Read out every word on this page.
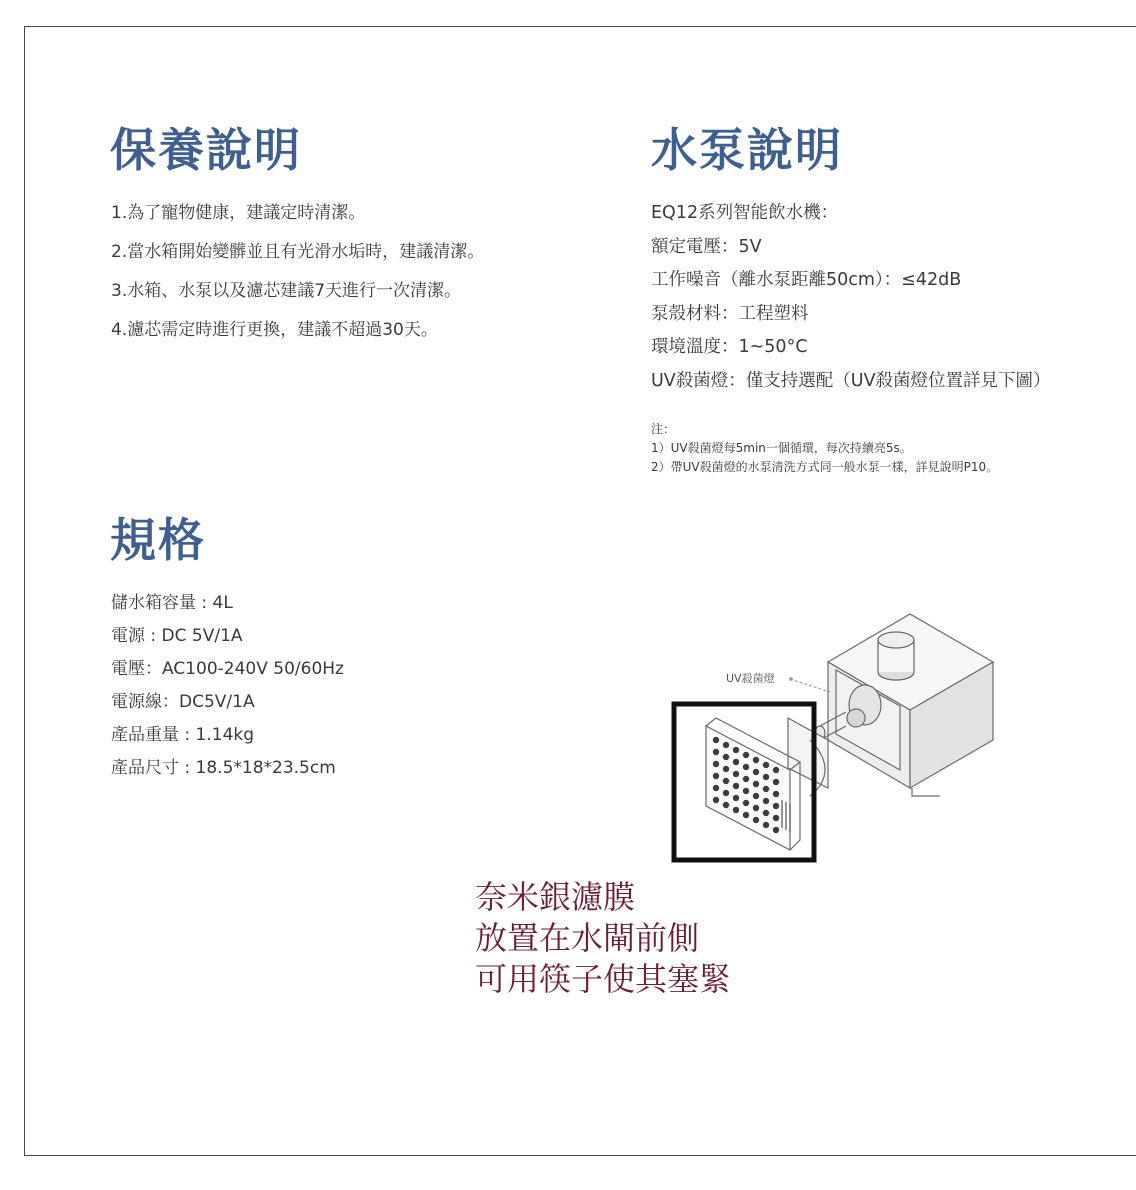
保養說明
1.為了寵物健康，建議定時清潔。
2.當水箱開始變髒並且有光滑水垢時，建議清潔。
3.水箱、水泵以及濾芯建議7天進行一次清潔。
4.濾芯需定時進行更換，建議不超過30天。
水泵說明
EQ12系列智能飲水機：
額定電壓：5V
工作噪音（離水泵距離50cm）：≤42dB
泵殼材料：工程塑料
環境溫度：1~50°C
UV殺菌燈：僅支持選配（UV殺菌燈位置詳見下圖）
注：
1）UV殺菌燈每5min一個循環，每次持續亮5s。
2）帶UV殺菌燈的水泵清洗方式同一般水泵一樣，詳見說明P10。
規格
儲水箱容量 : 4L
電源 : DC 5V/1A
電壓：AC100-240V 50/60Hz
電源線：DC5V/1A
產品重量 : 1.14kg
產品尺寸 : 18.5*18*23.5cm
UV殺菌燈
奈米銀濾膜
放置在水閘前側
可用筷子使其塞緊
